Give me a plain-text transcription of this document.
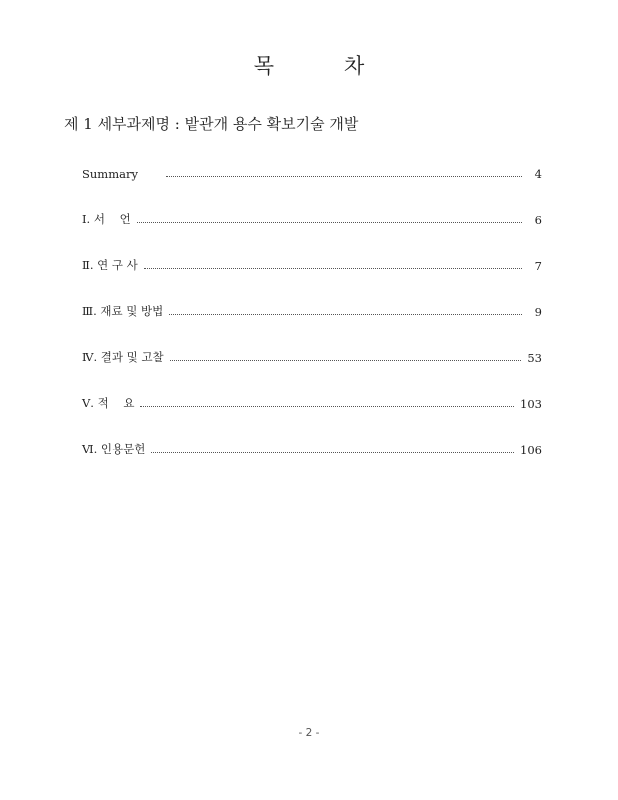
목	차
제 1 세부과제명 : 밭관개 용수 확보기술 개발
Summary	4
Ⅰ. 서    언	6
Ⅱ. 연 구 사	7
Ⅲ. 재료 및 방법	9
Ⅳ. 결과 및 고찰	53
Ⅴ. 적    요	103
Ⅵ. 인용문헌	106
- 2 -
